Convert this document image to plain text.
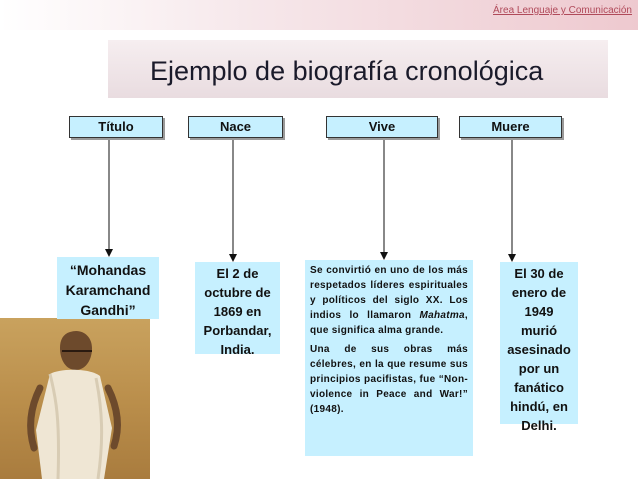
Área Lenguaje y Comunicación
Ejemplo de biografía cronológica
Título	Nace	Vive	Muere
“Mohandas
Karamchand
Gandhi”
El 2 de
octubre de
1869 en
Porbandar,
India.

Se convirtió en uno de los más respetados líderes espirituales y políticos del siglo XX. Los indios lo llamaron Mahatma, que significa alma grande.

Una de sus obras más célebres, en la que resume sus principios pacifistas, fue “Non-violence in Peace and War!” (1948).

El 30 de
enero de
1949
murió
asesinado
por un
fanático
hindú, en
Delhi.
